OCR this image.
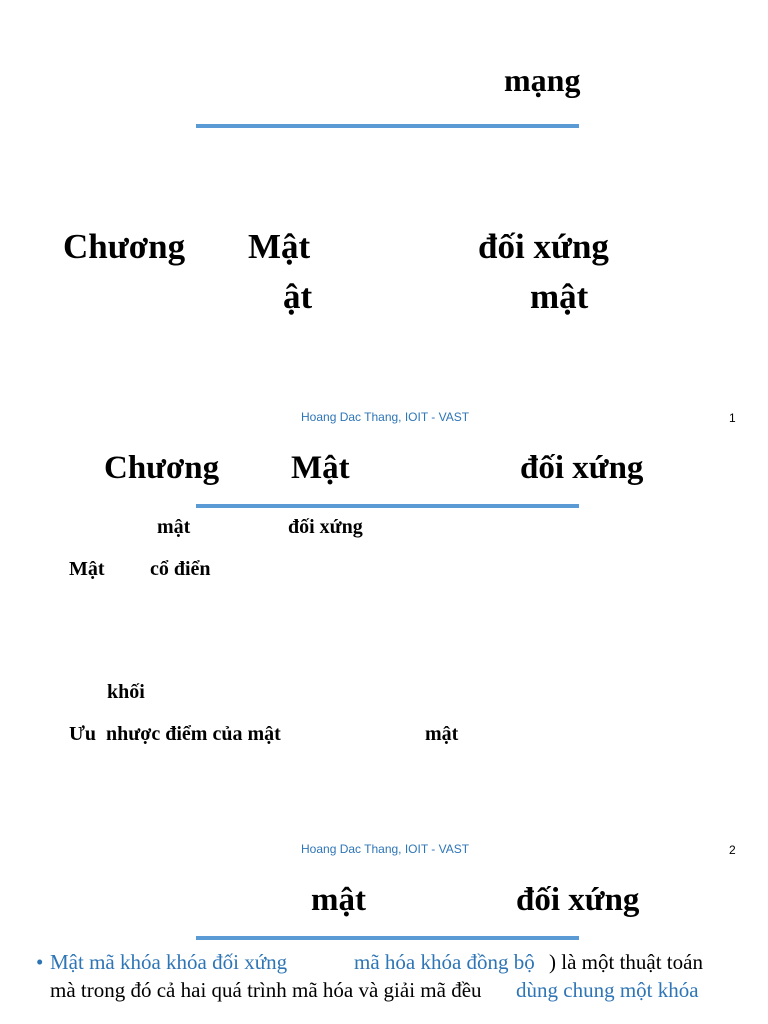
mạng
Chương Mật	đối xứng
ật	mật
Hoang Dac Thang, IOIT - VAST	1
Chương Mật	đối xứng
mật	đối xứng
Mật cổ điển
khối
Ưu  nhược điểm của mật	mật
Hoang Dac Thang, IOIT - VAST	2
mật	đối xứng
• Mật mã khóa khóa đối xứng	mã hóa khóa đồng bộ ) là một thuật toán
mà trong đó cả hai quá trình mã hóa và giải mã đều dùng chung một khóa
